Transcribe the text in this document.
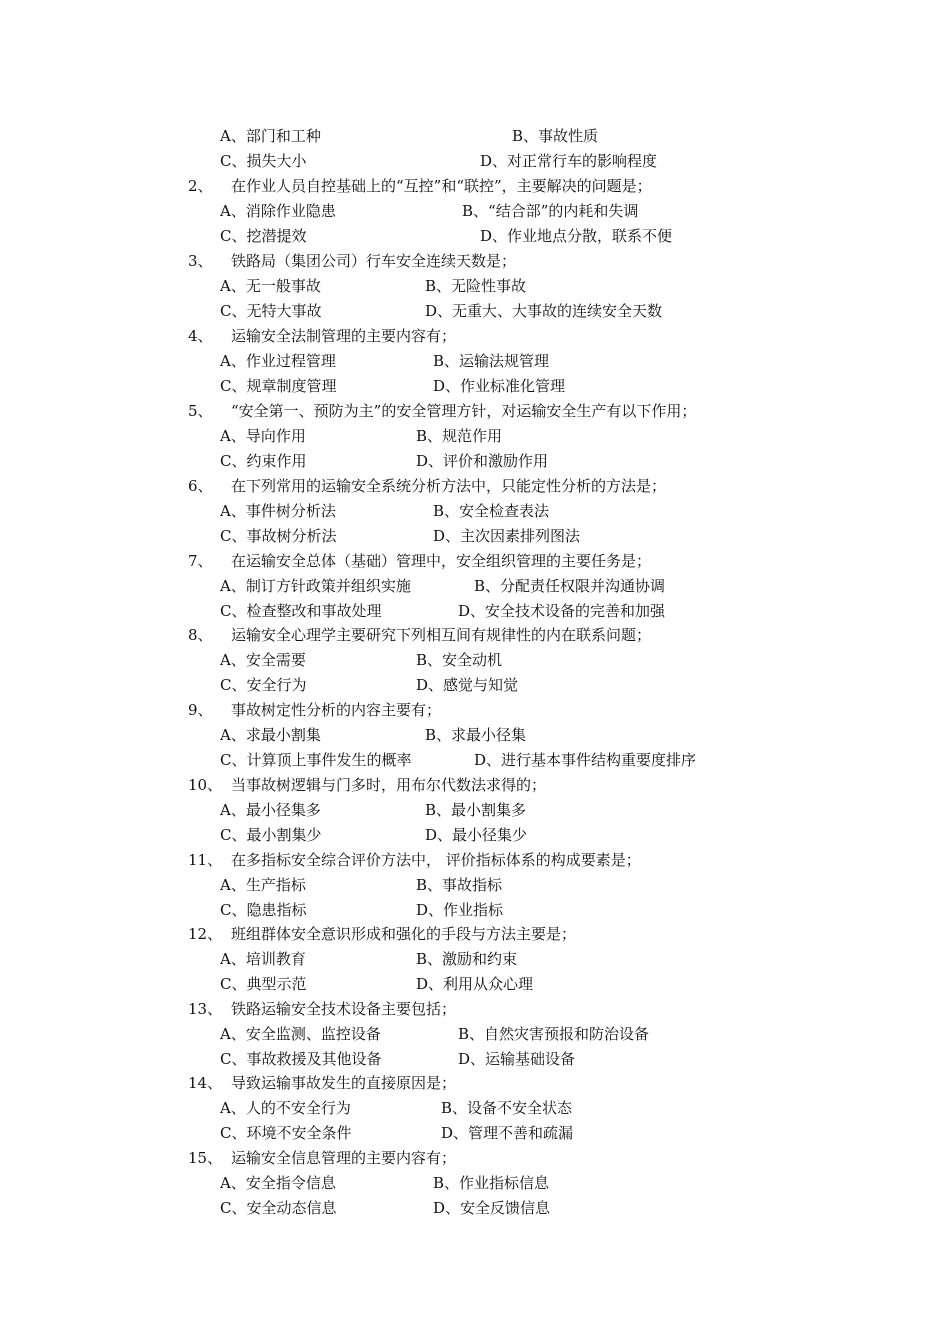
A、部门和工种	B、事故性质
C、损失大小	D、对正常行车的影响程度
2、 在作业人员自控基础上的“互控”和“联控”，主要解决的问题是；
A、消除作业隐患	B、“结合部”的内耗和失调
C、挖潜提效	D、作业地点分散，联系不便
3、 铁路局（集团公司）行车安全连续天数是；
A、无一般事故	B、无险性事故
C、无特大事故	D、无重大、大事故的连续安全天数
4、 运输安全法制管理的主要内容有；
A、作业过程管理	B、运输法规管理
C、规章制度管理	D、作业标准化管理
5、 “安全第一、预防为主”的安全管理方针，对运输安全生产有以下作用；
A、导向作用	B、规范作用
C、约束作用	D、评价和激励作用
6、 在下列常用的运输安全系统分析方法中，只能定性分析的方法是；
A、事件树分析法	B、安全检查表法
C、事故树分析法	D、主次因素排列图法
7、 在运输安全总体（基础）管理中，安全组织管理的主要任务是；
A、制订方针政策并组织实施	B、分配责任权限并沟通协调
C、检查整改和事故处理	D、安全技术设备的完善和加强
8、 运输安全心理学主要研究下列相互间有规律性的内在联系问题；
A、安全需要	B、安全动机
C、安全行为	D、感觉与知觉
9、 事故树定性分析的内容主要有；
A、求最小割集	B、求最小径集
C、计算顶上事件发生的概率	D、进行基本事件结构重要度排序
10、 当事故树逻辑与门多时，用布尔代数法求得的；
A、最小径集多	B、最小割集多
C、最小割集少	D、最小径集少
11、 在多指标安全综合评价方法中， 评价指标体系的构成要素是；
A、生产指标	B、事故指标
C、隐患指标	D、作业指标
12、 班组群体安全意识形成和强化的手段与方法主要是；
A、培训教育	B、激励和约束
C、典型示范	D、利用从众心理
13、 铁路运输安全技术设备主要包括；
A、安全监测、监控设备	B、自然灾害预报和防治设备
C、事故救援及其他设备	D、运输基础设备
14、 导致运输事故发生的直接原因是；
A、人的不安全行为	B、设备不安全状态
C、环境不安全条件	D、管理不善和疏漏
15、 运输安全信息管理的主要内容有；
A、安全指令信息	B、作业指标信息
C、安全动态信息	D、安全反馈信息
